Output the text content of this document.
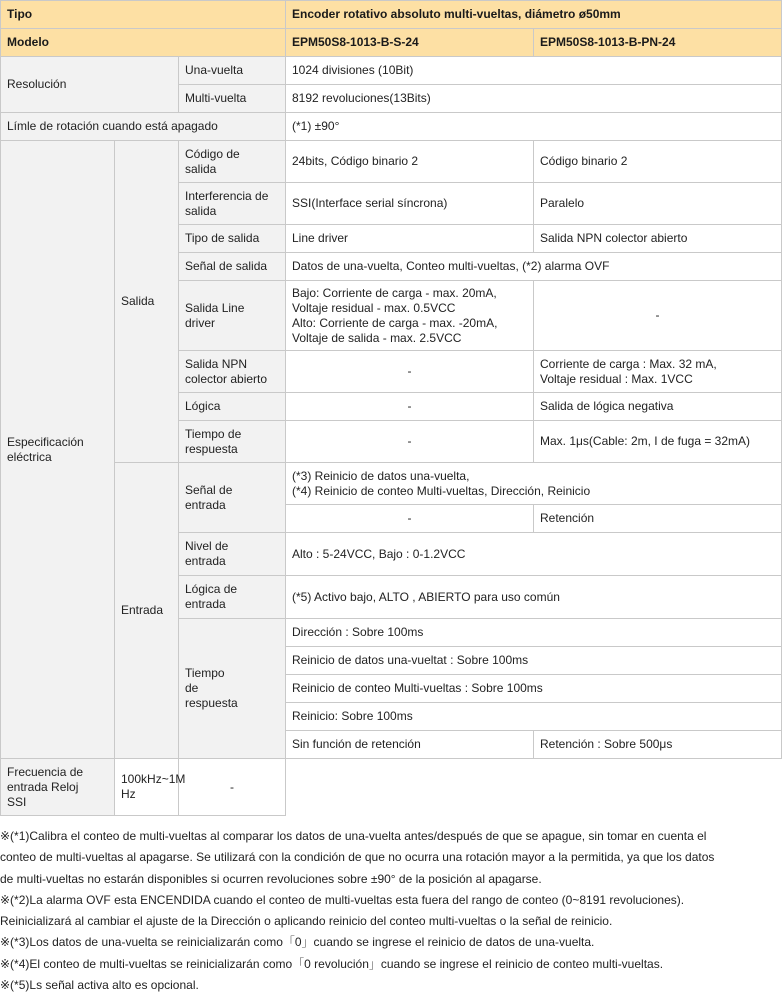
Tipo			Encoder rotativo absoluto multi-vueltas, diámetro ø50mm	
Modelo			EPM50S8-1013-B-S-24	EPM50S8-1013-B-PN-24
Resolución		Una-vuelta	1024 divisiones (10Bit)	
		Multi-vuelta	8192 revoluciones(13Bits)	
Límle de rotación cuando está apagado			(*1) ±90°	
Especificación
eléctrica	Salida	Código de
salida	24bits, Código binario 2	Código binario 2
		Interferencia de
salida	SSI(Interface serial síncrona)	Paralelo
		Tipo de salida	Line driver	Salida NPN colector abierto
		Señal de salida	Datos de una-vuelta, Conteo multi-vueltas, (*2) alarma OVF	
		Salida Line
driver	Bajo: Corriente de carga - max. 20mA,
Voltaje residual - max. 0.5VCC
Alto: Corriente de carga - max. -20mA,
Voltaje de salida - max. 2.5VCC	-
		Salida NPN
colector abierto	-	Corriente de carga : Max. 32 mA,
Voltaje residual : Max. 1VCC
		Lógica	-	Salida de lógica negativa
		Tiempo de
respuesta	-	Max. 1μs(Cable: 2m, I de fuga = 32mA)
	Entrada	Señal de
entrada	(*3) Reinicio de datos una-vuelta,
(*4) Reinicio de conteo Multi-vueltas, Dirección, Reinicio	
			-	Retención
		Nivel de
entrada	Alto : 5-24VCC, Bajo : 0-1.2VCC	
		Lógica de
entrada	(*5) Activo bajo, ALTO , ABIERTO para uso común	
		Tiempo
de
respuesta	Dirección : Sobre 100ms	
			Reinicio de datos una-vueltat : Sobre 100ms	
			Reinicio de conteo Multi-vueltas : Sobre 100ms	
			Reinicio: Sobre 100ms	
			Sin función de retención	Retención : Sobre 500μs
Frecuencia de
entrada Reloj
SSI	100kHz~1M Hz	-		

※(*1)Calibra el conteo de multi-vueltas al comparar los datos de una-vuelta antes/después de que se apague, sin tomar en cuenta el

conteo de multi-vueltas al apagarse. Se utilizará con la condición de que no ocurra una rotación mayor a la permitida, ya que los datos

de multi-vueltas no estarán disponibles si ocurren revoluciones sobre ±90° de la posición al apagarse.

※(*2)La alarma OVF esta ENCENDIDA cuando el conteo de multi-vueltas esta fuera del rango de conteo (0~8191 revoluciones).

Reinicializará al cambiar el ajuste de la Dirección o aplicando reinicio del conteo multi-vueltas o la señal de reinicio.

※(*3)Los datos de una-vuelta se reinicializarán como「0」cuando se ingrese el reinicio de datos de una-vuelta.

※(*4)El conteo de multi-vueltas se reinicializarán como「0 revolución」cuando se ingrese el reinicio de conteo multi-vueltas.

※(*5)Ls señal activa alto es opcional.
